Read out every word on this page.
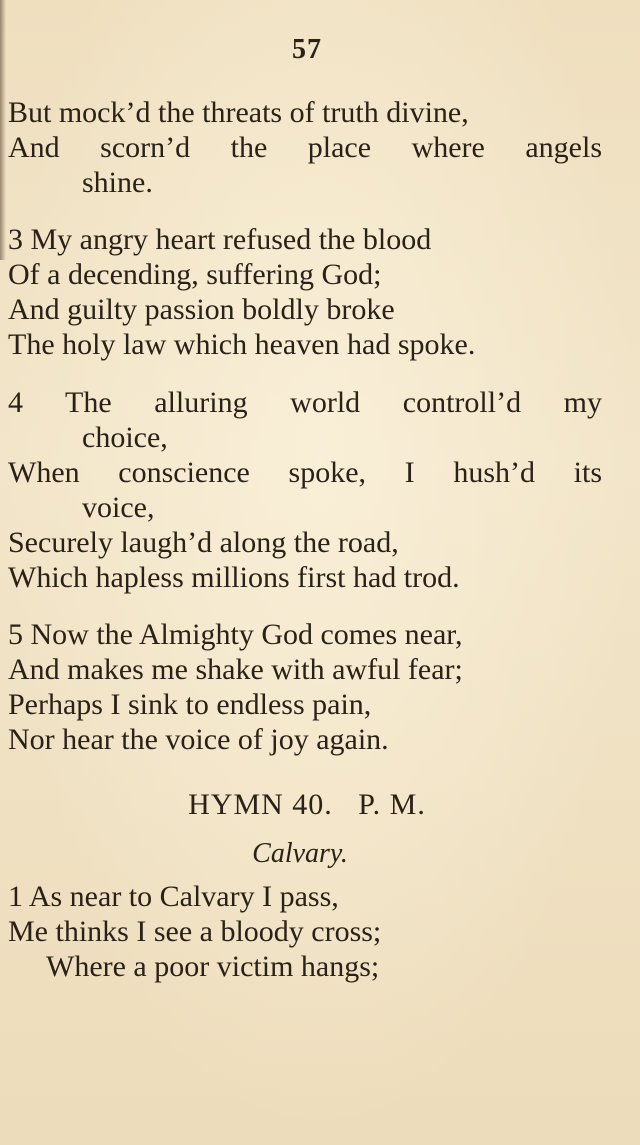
57
But mock’d the threats of truth divine,
And scorn’d the place where angels
shine.
3 My angry heart refused the blood
Of a decending, suffering God;
And guilty passion boldly broke
The holy law which heaven had spoke.
4 The alluring world controll’d my
choice,
When conscience spoke, I hush’d its
voice,
Securely laugh’d along the road,
Which hapless millions first had trod.
5 Now the Almighty God comes near,
And makes me shake with awful fear;
Perhaps I sink to endless pain,
Nor hear the voice of joy again.
HYMN 40.   P. M.
Calvary.
1 As near to Calvary I pass,
Me thinks I see a bloody cross;
Where a poor victim hangs;
